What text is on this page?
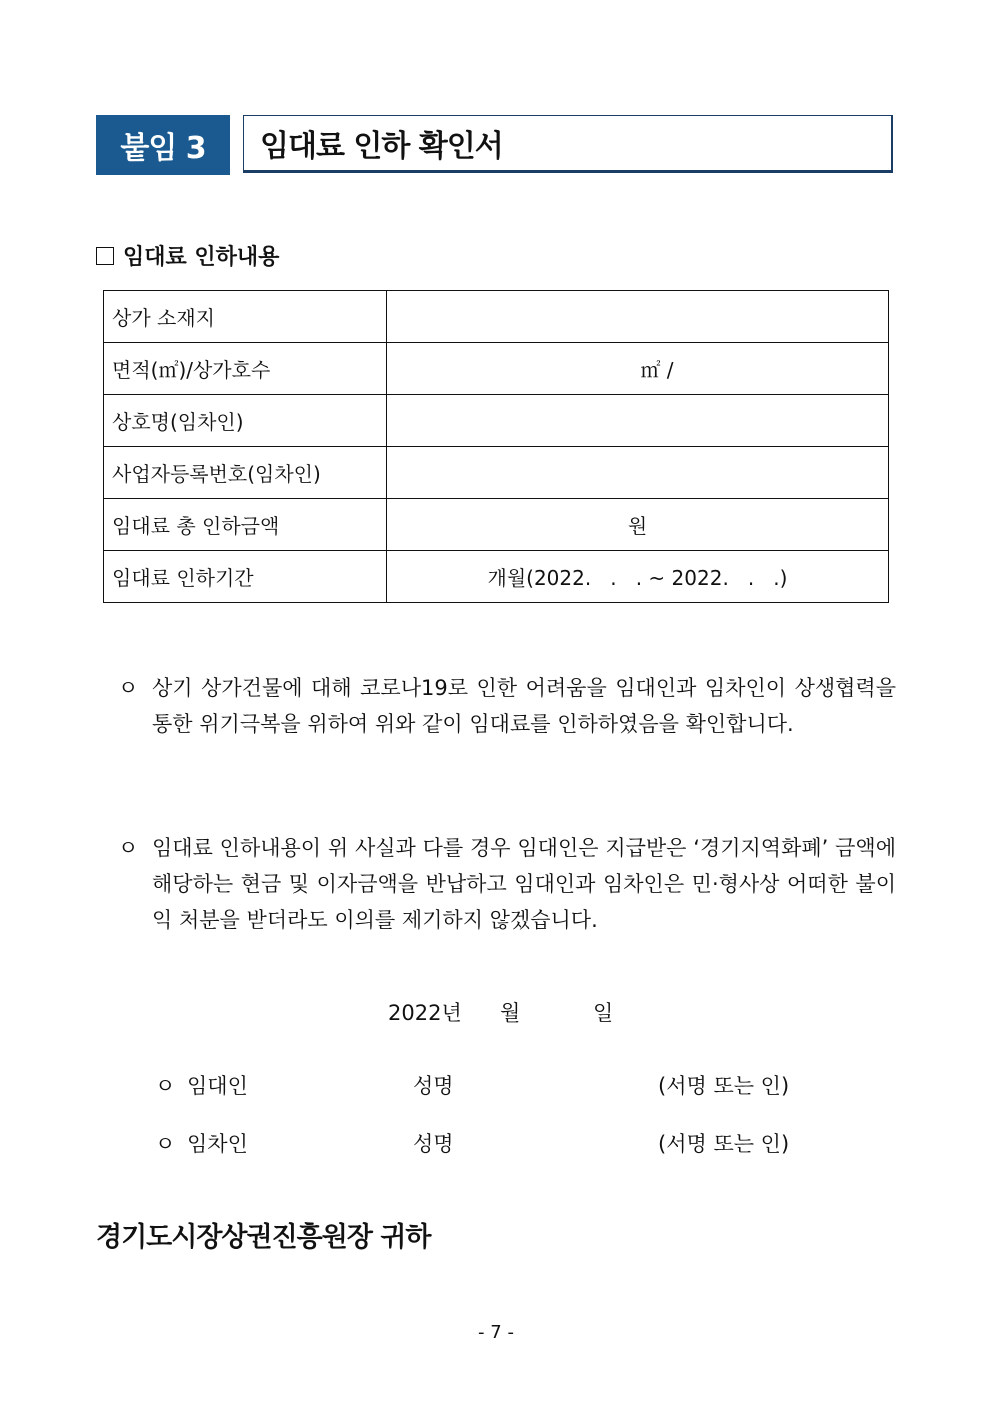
붙임 3	임대료 인하 확인서
임대료 인하내용
상가 소재지	
면적(㎡)/상가호수	㎡ /
상호명(임차인)	
사업자등록번호(임차인)	
임대료 총 인하금액	원
임대료 인하기간	개월(2022.   .   . ~ 2022.   .   .)
ㅇ 상기 상가건물에 대해 코로나19로 인한 어려움을 임대인과 임차인이 상생협력을 통한 위기극복을 위하여 위와 같이 임대료를 인하하였음을 확인합니다.
ㅇ 임대료 인하내용이 위 사실과 다를 경우 임대인은 지급받은 ‘경기지역화폐’ 금액에 해당하는 현금 및 이자금액을 반납하고 임대인과 임차인은 민·형사상 어떠한 불이익 처분을 받더라도 이의를 제기하지 않겠습니다.
2022년 월	일
ㅇ 임대인	성명	(서명 또는 인)
ㅇ 임차인	성명	(서명 또는 인)
경기도시장상권진흥원장 귀하
- 7 -
